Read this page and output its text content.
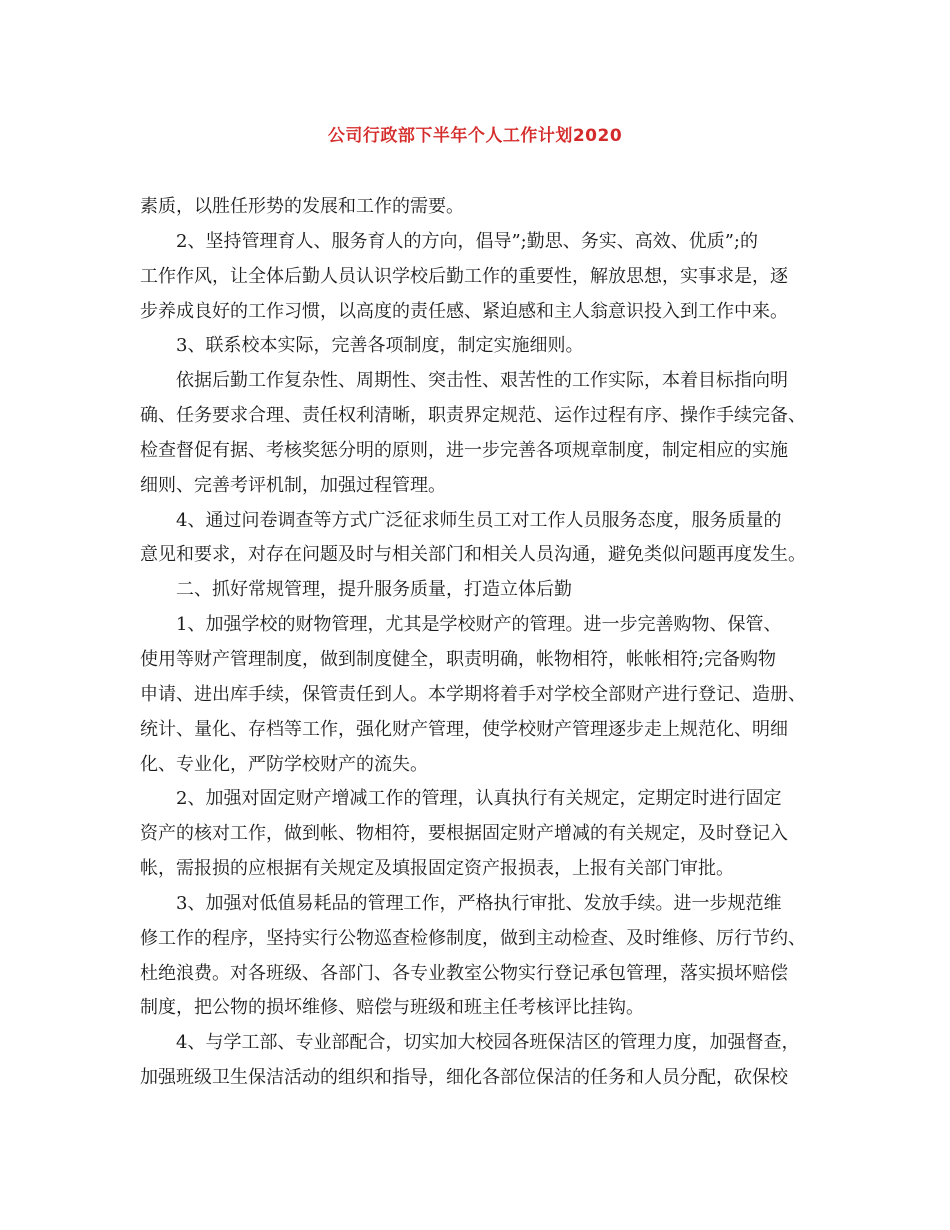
公司行政部下半年个人工作计划2020
素质，以胜任形势的发展和工作的需要。
2、坚持管理育人、服务育人的方向，倡导”;勤思、务实、高效、优质”;的
工作作风，让全体后勤人员认识学校后勤工作的重要性，解放思想，实事求是，逐
步养成良好的工作习惯，以高度的责任感、紧迫感和主人翁意识投入到工作中来。
3、联系校本实际，完善各项制度，制定实施细则。
依据后勤工作复杂性、周期性、突击性、艰苦性的工作实际，本着目标指向明
确、任务要求合理、责任权利清晰，职责界定规范、运作过程有序、操作手续完备、
检查督促有据、考核奖惩分明的原则，进一步完善各项规章制度，制定相应的实施
细则、完善考评机制，加强过程管理。
4、通过问卷调查等方式广泛征求师生员工对工作人员服务态度，服务质量的
意见和要求，对存在问题及时与相关部门和相关人员沟通，避免类似问题再度发生。
二、抓好常规管理，提升服务质量，打造立体后勤
1、加强学校的财物管理，尤其是学校财产的管理。进一步完善购物、保管、
使用等财产管理制度，做到制度健全，职责明确，帐物相符，帐帐相符;完备购物
申请、进出库手续，保管责任到人。本学期将着手对学校全部财产进行登记、造册、
统计、量化、存档等工作，强化财产管理，使学校财产管理逐步走上规范化、明细
化、专业化，严防学校财产的流失。
2、加强对固定财产增减工作的管理，认真执行有关规定，定期定时进行固定
资产的核对工作，做到帐、物相符，要根据固定财产增减的有关规定，及时登记入
帐，需报损的应根据有关规定及填报固定资产报损表，上报有关部门审批。
3、加强对低值易耗品的管理工作，严格执行审批、发放手续。进一步规范维
修工作的程序，坚持实行公物巡查检修制度，做到主动检查、及时维修、厉行节约、
杜绝浪费。对各班级、各部门、各专业教室公物实行登记承包管理，落实损坏赔偿
制度，把公物的损坏维修、赔偿与班级和班主任考核评比挂钩。
4、与学工部、专业部配合，切实加大校园各班保洁区的管理力度，加强督查，
加强班级卫生保洁活动的组织和指导，细化各部位保洁的任务和人员分配，砍保校
